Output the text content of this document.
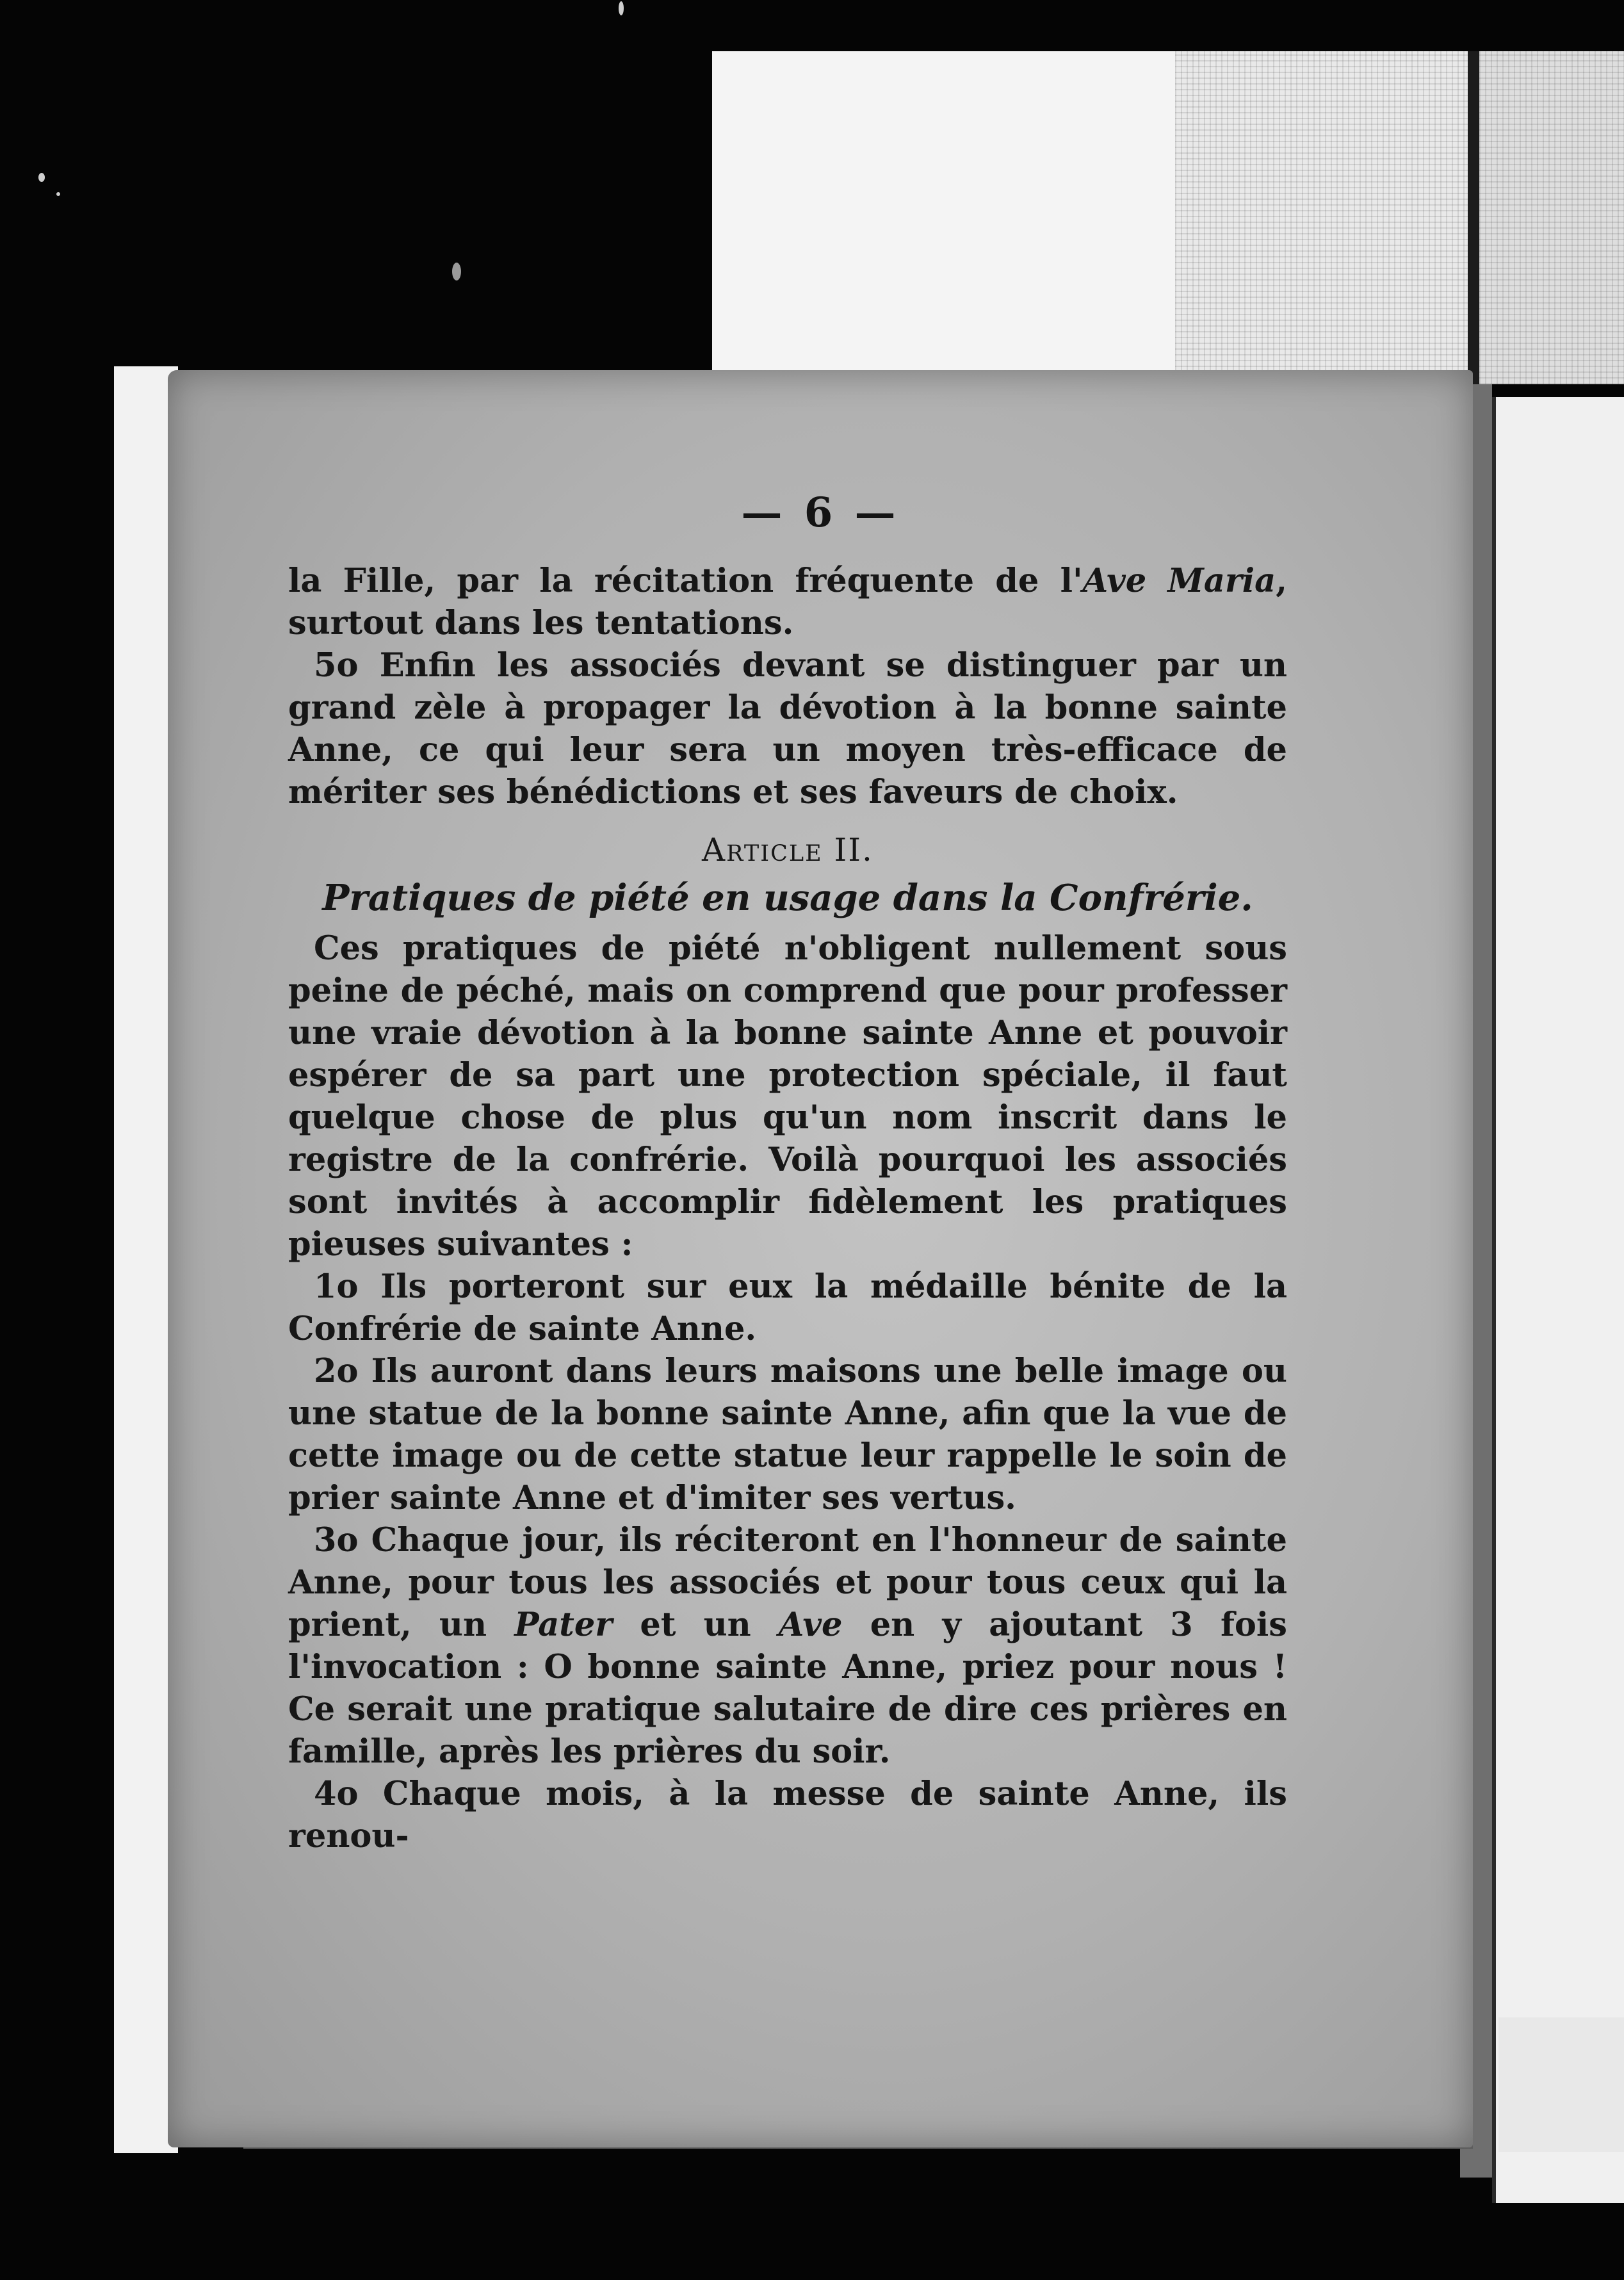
— 6 —

la Fille, par la récitation fréquente de l'Ave Maria, surtout dans les tentations.

5o Enfin les associés devant se distinguer par un grand zèle à propager la dévotion à la bonne sainte Anne, ce qui leur sera un moyen très-efficace de mériter ses bénédictions et ses faveurs de choix.

Article II.

Pratiques de piété en usage dans la Confrérie.

Ces pratiques de piété n'obligent nullement sous peine de péché, mais on comprend que pour professer une vraie dévotion à la bonne sainte Anne et pouvoir espérer de sa part une protection spéciale, il faut quelque chose de plus qu'un nom inscrit dans le registre de la confrérie. Voilà pourquoi les associés sont invités à accomplir fidèlement les pratiques pieuses suivantes :

1o Ils porteront sur eux la médaille bénite de la Confrérie de sainte Anne.

2o Ils auront dans leurs maisons une belle image ou une statue de la bonne sainte Anne, afin que la vue de cette image ou de cette statue leur rappelle le soin de prier sainte Anne et d'imiter ses vertus.

3o Chaque jour, ils réciteront en l'honneur de sainte Anne, pour tous les associés et pour tous ceux qui la prient, un Pater et un Ave en y ajoutant 3 fois l'invocation : O bonne sainte Anne, priez pour nous ! Ce serait une pratique salutaire de dire ces prières en famille, après les prières du soir.

4o Chaque mois, à la messe de sainte Anne, ils renou-
